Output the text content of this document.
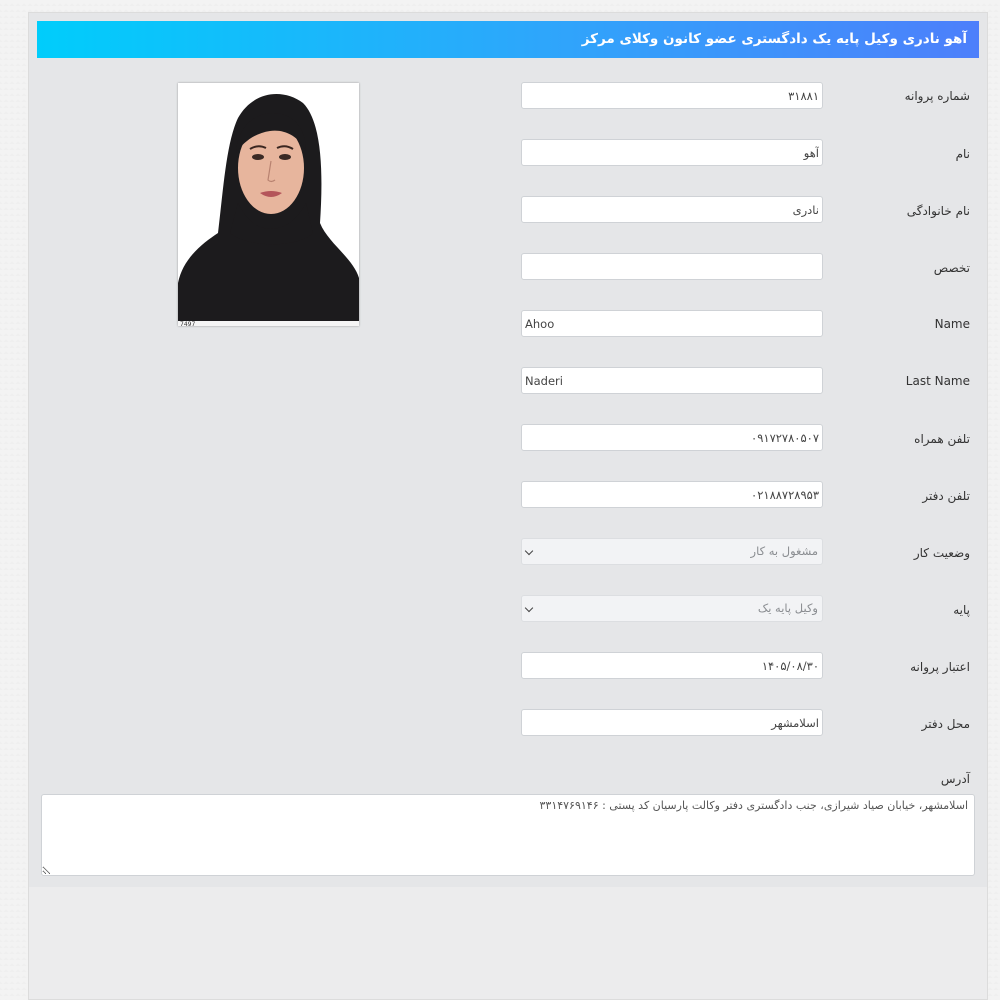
آهو نادری وکیل پایه یک دادگستری عضو کانون وکلای مرکز
7497
شماره پروانه
۳۱۸۸۱
نام
آهو
نام خانوادگی
نادری
تخصص
Name
Ahoo
Last Name
Naderi
تلفن همراه
۰۹۱۷۲۷۸۰۵۰۷
تلفن دفتر
۰۲۱۸۸۷۲۸۹۵۳
وضعیت کار
مشغول به کار
پایه
وکیل پایه یک
اعتبار پروانه
۱۴۰۵/۰۸/۳۰
محل دفتر
اسلامشهر
آدرس
اسلامشهر، خیابان صیاد شیرازی، جنب دادگستری دفتر وکالت پارسیان کد پستی : ۳۳۱۴۷۶۹۱۴۶
